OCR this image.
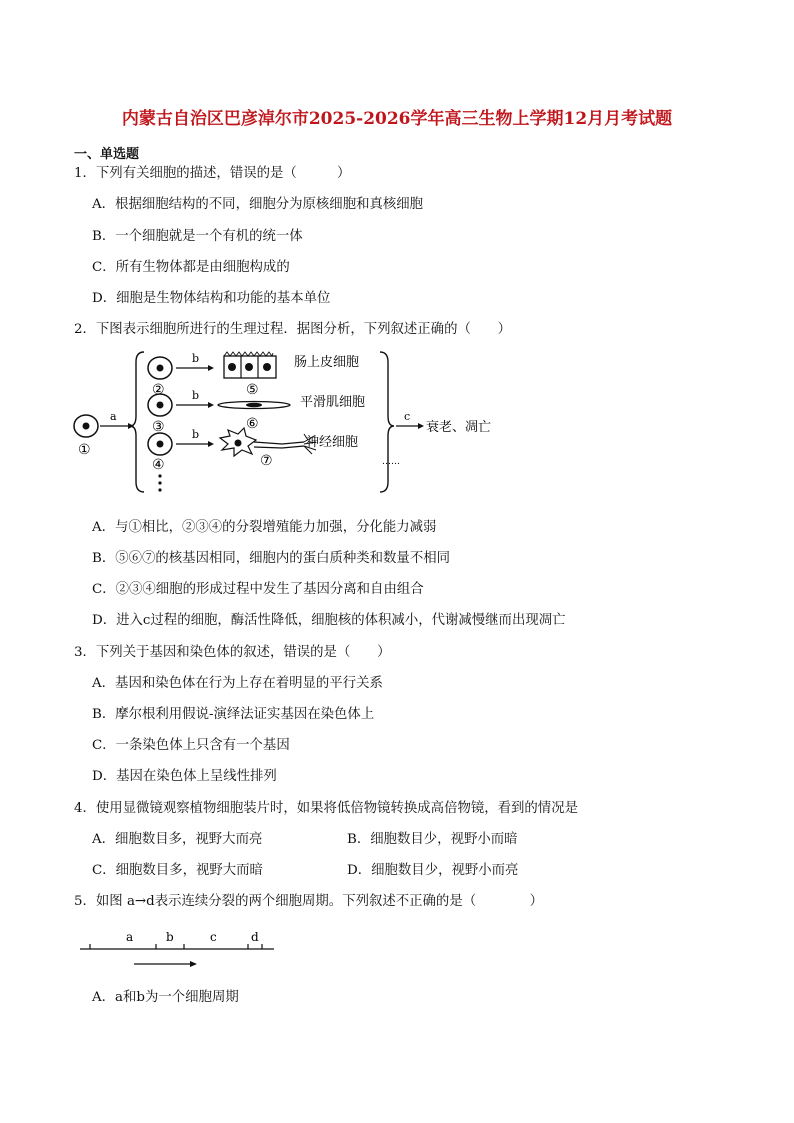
内蒙古自治区巴彦淖尔市2025-2026学年高三生物上学期12月月考试题
一、单选题
1．下列有关细胞的描述，错误的是（　　　）
A．根据细胞结构的不同，细胞分为原核细胞和真核细胞
B．一个细胞就是一个有机的统一体
C．所有生物体都是由细胞构成的
D．细胞是生物体结构和功能的基本单位
2．下图表示细胞所进行的生理过程．据图分析，下列叙述正确的（　　）
①
a
②
③
④
b
b
b
⑤
肠上皮细胞
⑥
平滑肌细胞
⑦
神经细胞
……
c
衰老、凋亡
A．与①相比，②③④的分裂增殖能力加强，分化能力减弱
B．⑤⑥⑦的核基因相同，细胞内的蛋白质种类和数量不相同
C．②③④细胞的形成过程中发生了基因分离和自由组合
D．进入c过程的细胞，酶活性降低，细胞核的体积减小，代谢减慢继而出现凋亡
3．下列关于基因和染色体的叙述，错误的是（　　）
A．基因和染色体在行为上存在着明显的平行关系
B．摩尔根利用假说-演绎法证实基因在染色体上
C．一条染色体上只含有一个基因
D．基因在染色体上呈线性排列
4．使用显微镜观察植物细胞装片时，如果将低倍物镜转换成高倍物镜，看到的情况是
A．细胞数目多，视野大而亮	B．细胞数目少，视野小而暗
C．细胞数目多，视野大而暗	D．细胞数目少，视野小而亮
5．如图 a→d表示连续分裂的两个细胞周期。下列叙述不正确的是（　　　　）
a	b	c	d
A．a和b为一个细胞周期
